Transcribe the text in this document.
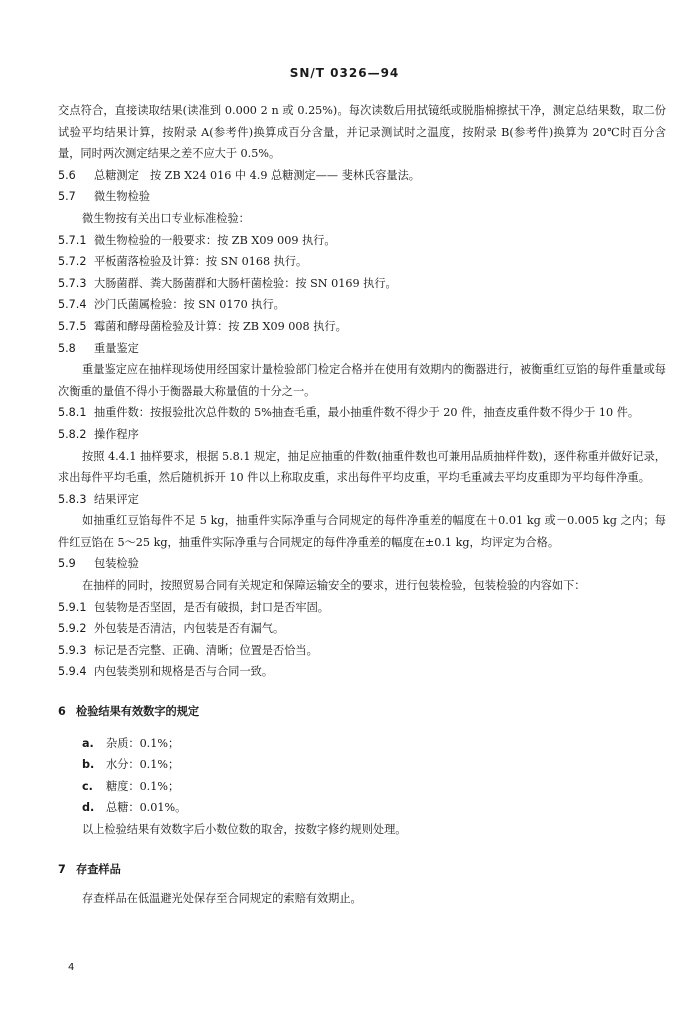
SN/T 0326—94

交点符合，直接读取结果(读准到 0.000 2 n 或 0.25%)。每次读数后用拭镜纸或脱脂棉擦拭干净，测定总结果数，取二份试验平均结果计算，按附录 A(参考件)换算成百分含量，并记录测试时之温度，按附录 B(参考件)换算为 20℃时百分含量，同时两次测定结果之差不应大于 0.5%。

5.6 总糖测定　按 ZB X24 016 中 4.9 总糖测定—— 斐林氏容量法。
5.7 微生物检验

微生物按有关出口专业标准检验：

5.7.1 微生物检验的一般要求：按 ZB X09 009 执行。
5.7.2 平板菌落检验及计算：按 SN 0168 执行。
5.7.3 大肠菌群、粪大肠菌群和大肠杆菌检验：按 SN 0169 执行。
5.7.4 沙门氏菌属检验：按 SN 0170 执行。
5.7.5 霉菌和酵母菌检验及计算：按 ZB X09 008 执行。
5.8 重量鉴定

重量鉴定应在抽样现场使用经国家计量检验部门检定合格并在使用有效期内的衡器进行，被衡重红豆馅的每件重量或每次衡重的量值不得小于衡器最大称量值的十分之一。

5.8.1 抽重件数：按报验批次总件数的 5%抽查毛重，最小抽重件数不得少于 20 件，抽查皮重件数不得少于 10 件。

5.8.2 操作程序

按照 4.4.1 抽样要求，根据 5.8.1 规定，抽足应抽重的件数(抽重件数也可兼用品质抽样件数)，逐件称重并做好记录，求出每件平均毛重，然后随机拆开 10 件以上称取皮重，求出每件平均皮重，平均毛重减去平均皮重即为平均每件净重。

5.8.3 结果评定

如抽重红豆馅每件不足 5 kg，抽重件实际净重与合同规定的每件净重差的幅度在＋0.01 kg 或－0.005 kg 之内；每件红豆馅在 5～25 kg，抽重件实际净重与合同规定的每件净重差的幅度在±0.1 kg，均评定为合格。

5.9 包装检验

在抽样的同时，按照贸易合同有关规定和保障运输安全的要求，进行包装检验，包装检验的内容如下：

5.9.1 包装物是否坚固，是否有破损，封口是否牢固。
5.9.2 外包装是否清洁，内包装是否有漏气。
5.9.3 标记是否完整、正确、清晰；位置是否恰当。
5.9.4 内包装类别和规格是否与合同一致。
6 检验结果有效数字的规定
a. 杂质：0.1%；
b. 水分：0.1%；
c. 糖度：0.1%；
d. 总糖：0.01%。

以上检验结果有效数字后小数位数的取舍，按数字修约规则处理。

7 存查样品

存查样品在低温避光处保存至合同规定的索赔有效期止。

4
